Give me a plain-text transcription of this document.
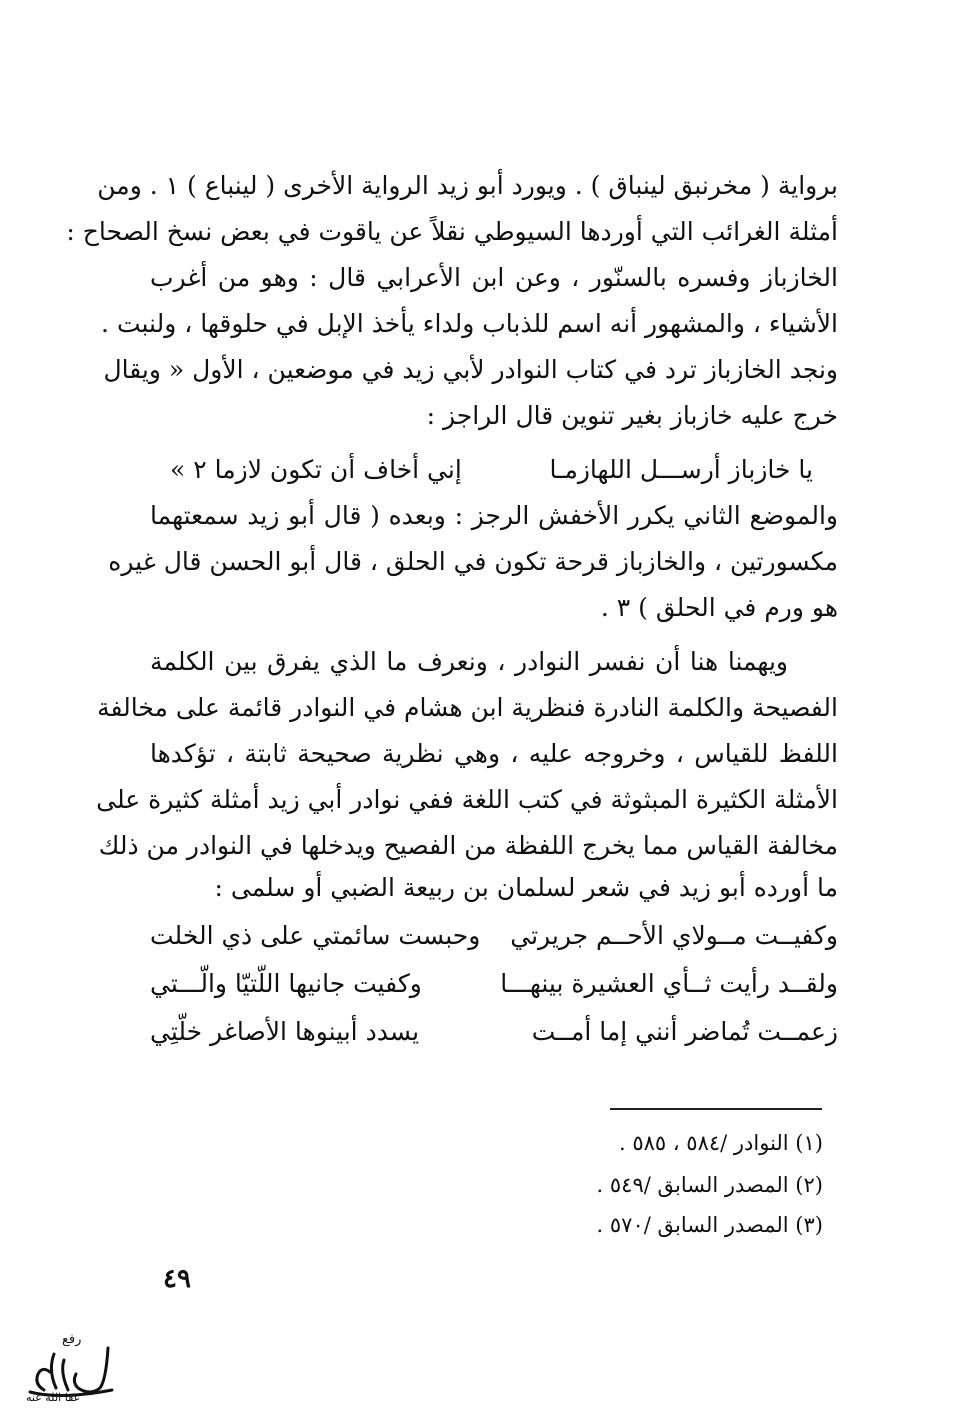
برواية ( مخرنبق لينباق ) . ويورد أبو زيد الرواية الأخرى ( لينباع ) ١ . ومن
أمثلة الغرائب التي أوردها السيوطي نقلاً عن ياقوت في بعض نسخ الصحاح :
الخازباز وفسره بالسنّور ، وعن ابن الأعرابي قال : وهو من أغرب
الأشياء ، والمشهور أنه اسم للذباب ولداء يأخذ الإبل في حلوقها ، ولنبت .
ونجد الخازباز ترد في كتاب النوادر لأبي زيد في موضعين ، الأول « ويقال
خرج عليه خازباز بغير تنوين قال الراجز :
يا خازباز أرســـل اللهازمـا
إني أخاف أن تكون لازما ٢ »
والموضع الثاني يكرر الأخفش الرجز : وبعده ( قال أبو زيد سمعتهما
مكسورتين ، والخازباز قرحة تكون في الحلق ، قال أبو الحسن قال غيره
هو ورم في الحلق ) ٣ .
ويهمنا هنا أن نفسر النوادر ، ونعرف ما الذي يفرق بين الكلمة
الفصيحة والكلمة النادرة فنظرية ابن هشام في النوادر قائمة على مخالفة
اللفظ للقياس ، وخروجه عليه ، وهي نظرية صحيحة ثابتة ، تؤكدها
الأمثلة الكثيرة المبثوثة في كتب اللغة ففي نوادر أبي زيد أمثلة كثيرة على
مخالفة القياس مما يخرج اللفظة من الفصيح ويدخلها في النوادر من ذلك
ما أورده أبو زيد في شعر لسلمان بن ربيعة الضبي أو سلمى :
وكفيــت مــولاي الأحــم جريرتي
وحبست سائمتي على ذي الخلت
ولقــد رأيت ثــأي العشيرة بينهـــا
وكفيت جانيها اللّتيّا والّـــتي
زعمــت تُماضر أنني إما أمــت
يسدد أبينوها الأصاغر خلّتِي
(١) النوادر /٥٨٤ ، ٥٨٥ .
(٢) المصدر السابق /٥٤٩ .
(٣) المصدر السابق /٥٧٠ .
٤٩
رفع
عفا الله عنه
